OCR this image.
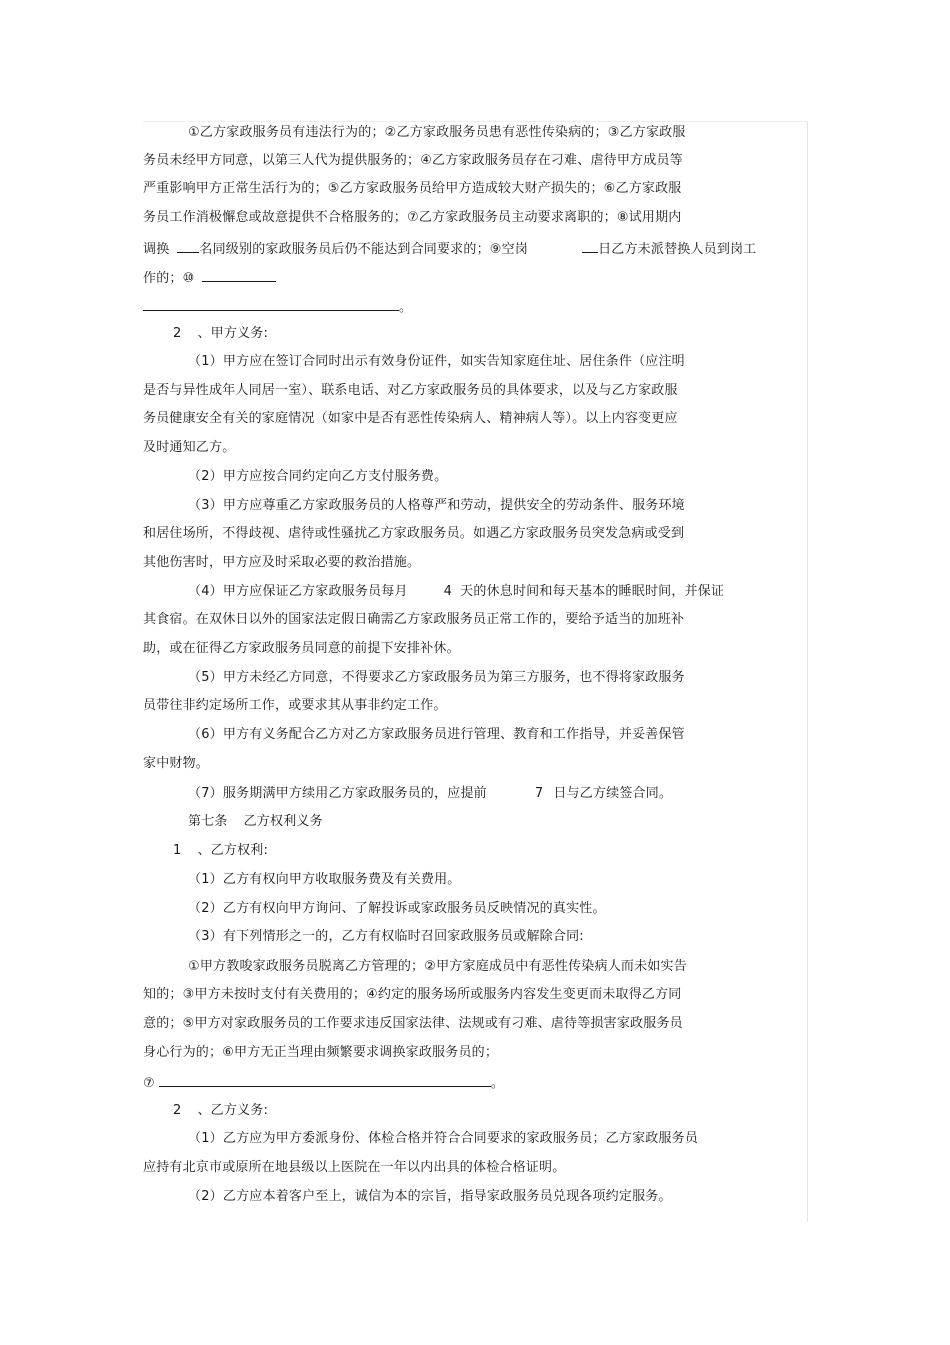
①乙方家政服务员有违法行为的；②乙方家政服务员患有恶性传染病的；③乙方家政服
务员未经甲方同意，以第三人代为提供服务的；④乙方家政服务员存在刁难、虐待甲方成员等
严重影响甲方正常生活行为的；⑤乙方家政服务员给甲方造成较大财产损失的；⑥乙方家政服
务员工作消极懈怠或故意提供不合格服务的；⑦乙方家政服务员主动要求离职的；⑧试用期内
调换 名同级别的家政服务员后仍不能达到合同要求的；⑨空岗	日乙方未派替换人员到岗工
作的；⑩
。
2 、甲方义务:
（1）甲方应在签订合同时出示有效身份证件，如实告知家庭住址、居住条件（应注明
是否与异性成年人同居一室）、联系电话、对乙方家政服务员的具体要求，以及与乙方家政服
务员健康安全有关的家庭情况（如家中是否有恶性传染病人、精神病人等）。以上内容变更应
及时通知乙方。
（2）甲方应按合同约定向乙方支付服务费。
（3）甲方应尊重乙方家政服务员的人格尊严和劳动，提供安全的劳动条件、服务环境
和居住场所，不得歧视、虐待或性骚扰乙方家政服务员。如遇乙方家政服务员突发急病或受到
其他伤害时，甲方应及时采取必要的救治措施。
（4）甲方应保证乙方家政服务员每月	4 天的休息时间和每天基本的睡眠时间，并保证
其食宿。在双休日以外的国家法定假日确需乙方家政服务员正常工作的，要给予适当的加班补
助，或在征得乙方家政服务员同意的前提下安排补休。
（5）甲方未经乙方同意，不得要求乙方家政服务员为第三方服务，也不得将家政服务
员带往非约定场所工作，或要求其从事非约定工作。
（6）甲方有义务配合乙方对乙方家政服务员进行管理、教育和工作指导，并妥善保管
家中财物。
（7）服务期满甲方续用乙方家政服务员的，应提前	7 日与乙方续签合同。
第七条 乙方权利义务
1 、乙方权利:
（1）乙方有权向甲方收取服务费及有关费用。
（2）乙方有权向甲方询问、了解投诉或家政服务员反映情况的真实性。
（3）有下列情形之一的，乙方有权临时召回家政服务员或解除合同:
①甲方教唆家政服务员脱离乙方管理的；②甲方家庭成员中有恶性传染病人而未如实告
知的；③甲方未按时支付有关费用的；④约定的服务场所或服务内容发生变更而未取得乙方同
意的；⑤甲方对家政服务员的工作要求违反国家法律、法规或有刁难、虐待等损害家政服务员
身心行为的；⑥甲方无正当理由频繁要求调换家政服务员的；
⑦	。
2 、乙方义务:
（1）乙方应为甲方委派身份、体检合格并符合合同要求的家政服务员；乙方家政服务员
应持有北京市或原所在地县级以上医院在一年以内出具的体检合格证明。
（2）乙方应本着客户至上，诚信为本的宗旨，指导家政服务员兑现各项约定服务。
